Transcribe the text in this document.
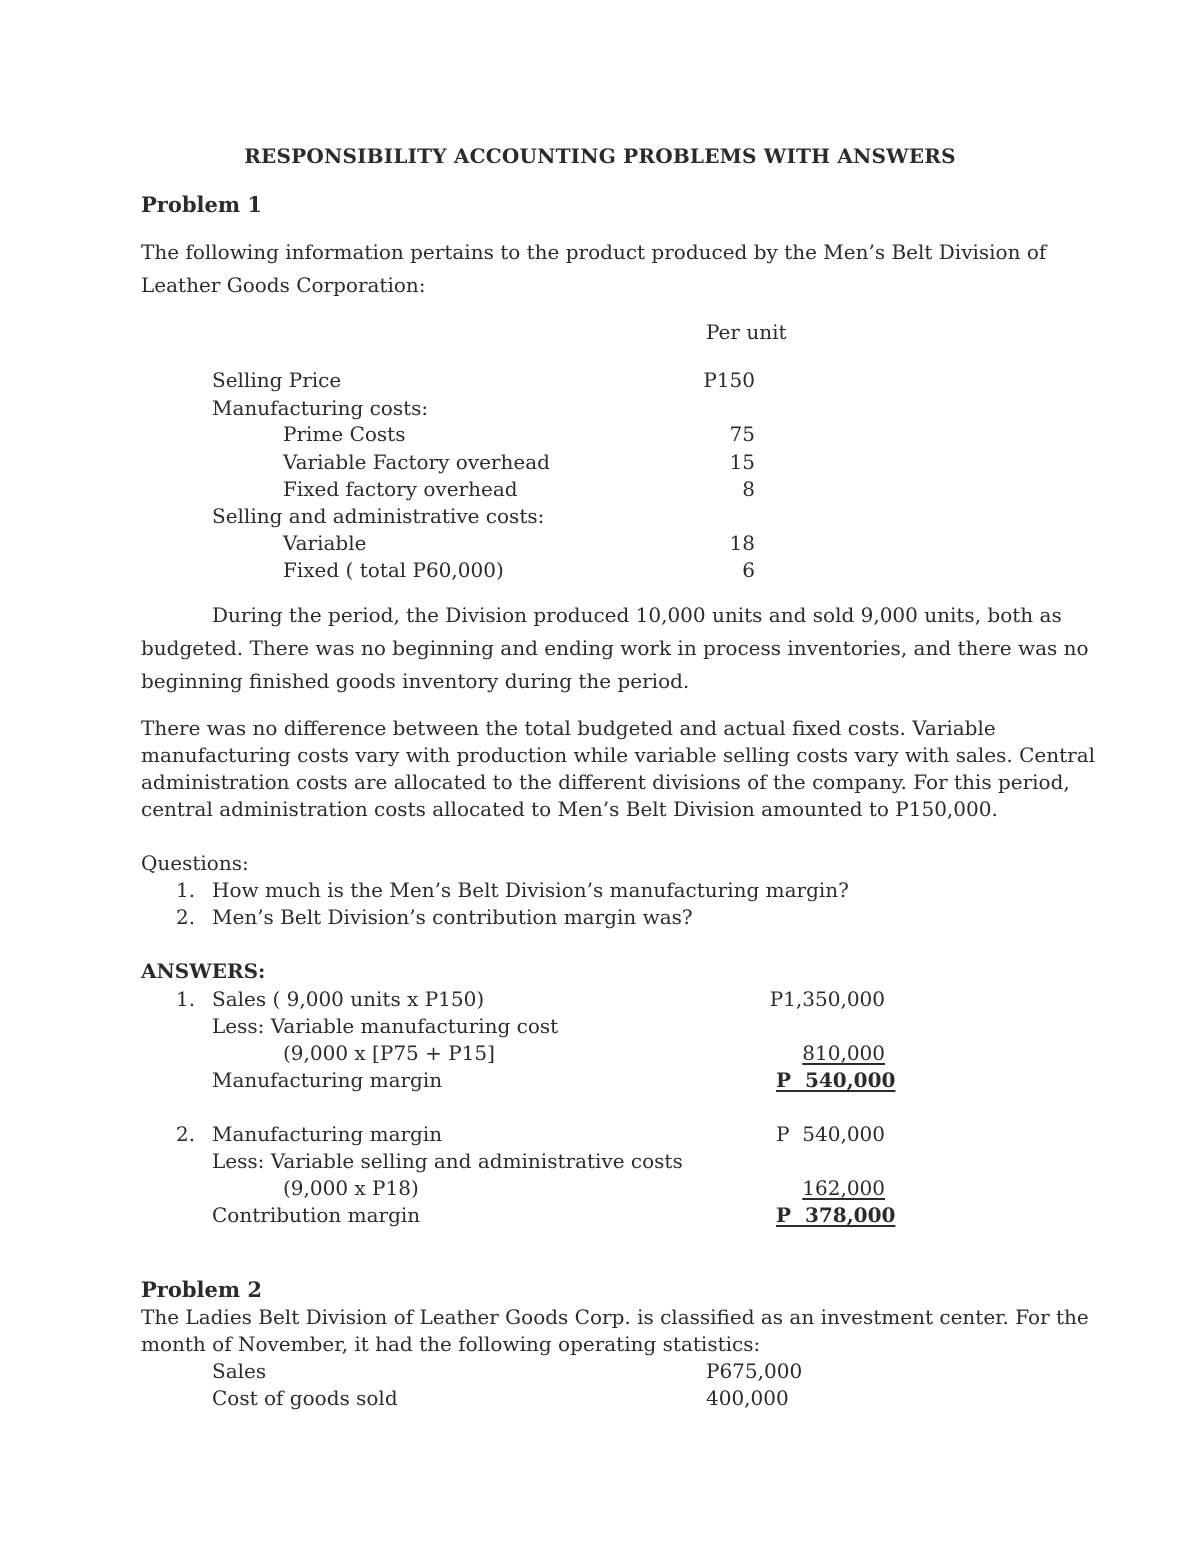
RESPONSIBILITY ACCOUNTING PROBLEMS WITH ANSWERS
Problem 1
The following information pertains to the product produced by the Men’s Belt Division of
Leather Goods Corporation:
Per unit
Selling Price	P150
Manufacturing costs:
Prime Costs	75
Variable Factory overhead	15
Fixed factory overhead	8
Selling and administrative costs:
Variable	18
Fixed ( total P60,000)	6
During the period, the Division produced 10,000 units and sold 9,000 units, both as
budgeted. There was no beginning and ending work in process inventories, and there was no
beginning finished goods inventory during the period.
There was no difference between the total budgeted and actual fixed costs. Variable
manufacturing costs vary with production while variable selling costs vary with sales. Central
administration costs are allocated to the different divisions of the company. For this period,
central administration costs allocated to Men’s Belt Division amounted to P150,000.
Questions:
1. How much is the Men’s Belt Division’s manufacturing margin?
2. Men’s Belt Division’s contribution margin was?
ANSWERS:
1. Sales ( 9,000 units x P150)	P1,350,000
Less: Variable manufacturing cost
(9,000 x [P75 + P15]	810,000
Manufacturing margin	P  540,000
2. Manufacturing margin	P  540,000
Less: Variable selling and administrative costs
(9,000 x P18)	162,000
Contribution margin	P  378,000
Problem 2
The Ladies Belt Division of Leather Goods Corp. is classified as an investment center. For the
month of November, it had the following operating statistics:
Sales	P675,000
Cost of goods sold	400,000
